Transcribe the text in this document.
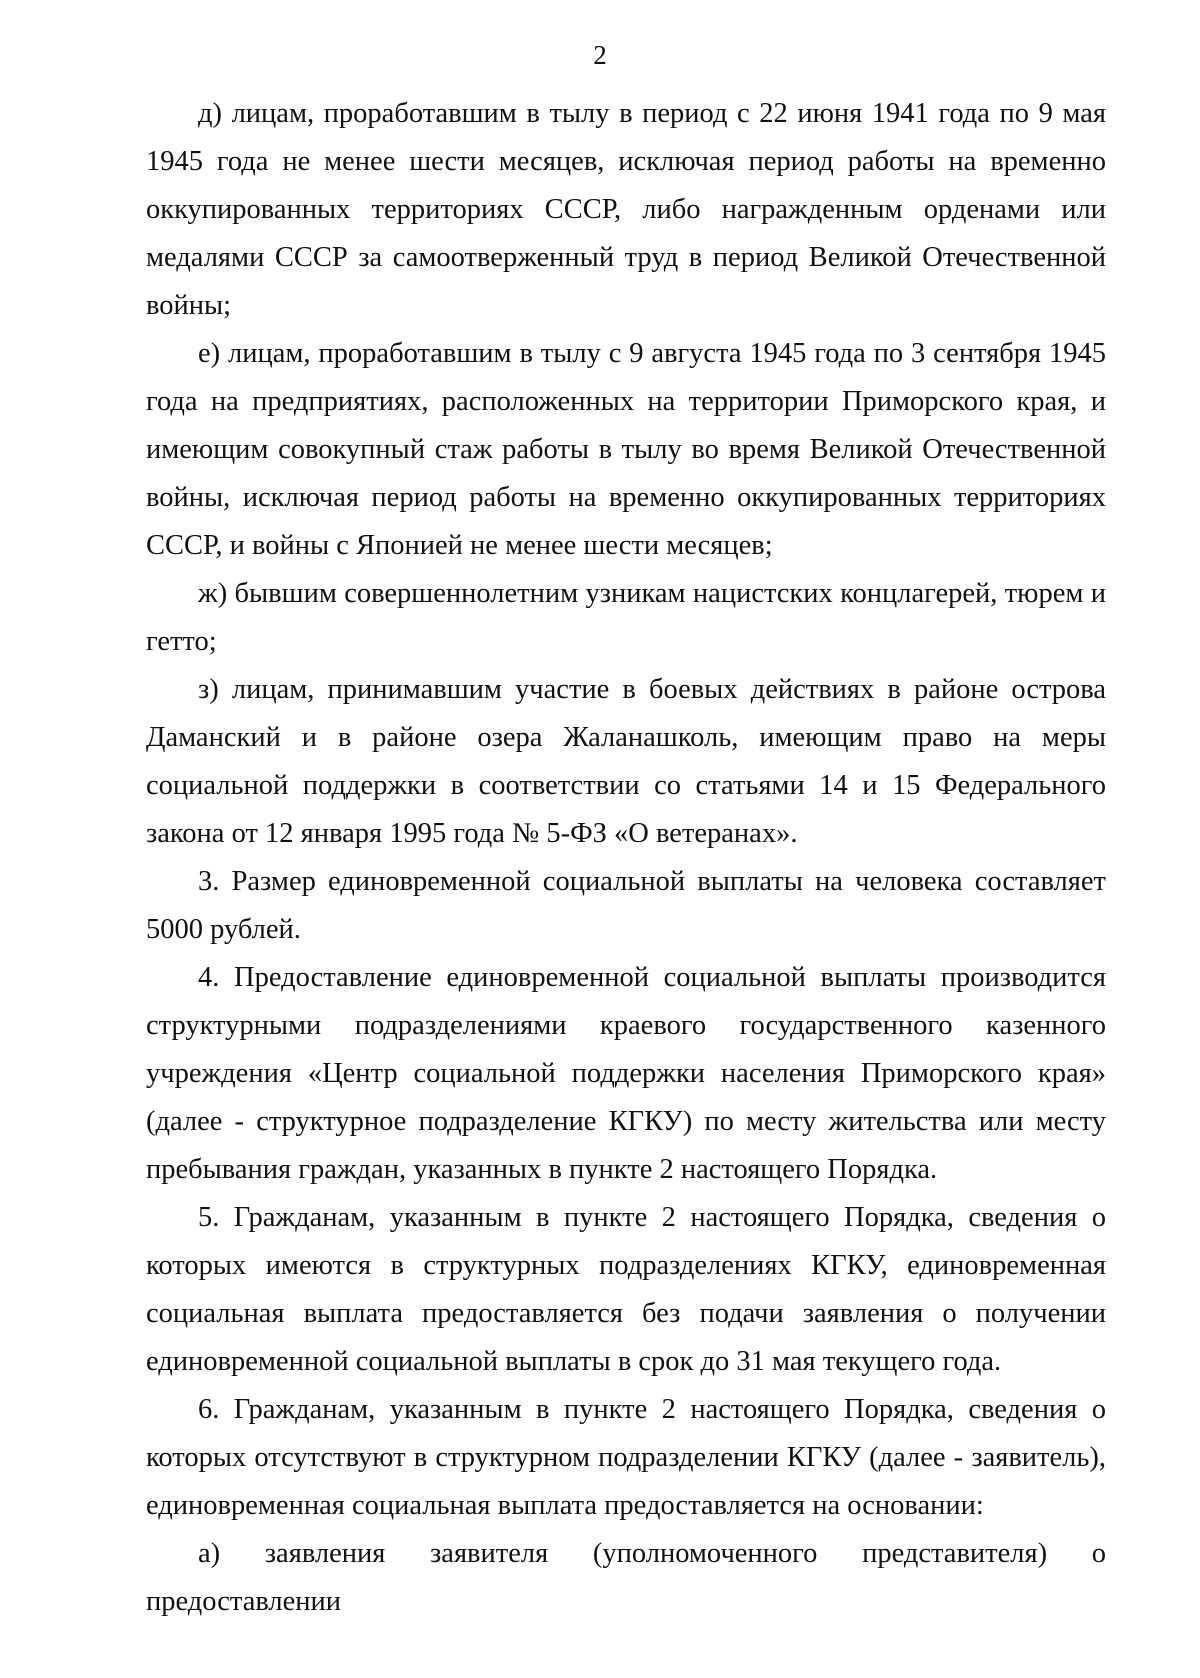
2

д) лицам, проработавшим в тылу в период с 22 июня 1941 года по 9 мая 1945 года не менее шести месяцев, исключая период работы на временно оккупированных территориях СССР, либо награжденным орденами или медалями СССР за самоотверженный труд в период Великой Отечественной войны;

е) лицам, проработавшим в тылу с 9 августа 1945 года по 3 сентября 1945 года на предприятиях, расположенных на территории Приморского края, и имеющим совокупный стаж работы в тылу во время Великой Отечественной войны, исключая период работы на временно оккупированных территориях СССР, и войны с Японией не менее шести месяцев;

ж) бывшим совершеннолетним узникам нацистских концлагерей, тюрем и гетто;

з) лицам, принимавшим участие в боевых действиях в районе острова Даманский и в районе озера Жаланашколь, имеющим право на меры социальной поддержки в соответствии со статьями 14 и 15 Федерального закона от 12 января 1995 года № 5-ФЗ «О ветеранах».

3. Размер единовременной социальной выплаты на человека составляет 5000 рублей.

4. Предоставление единовременной социальной выплаты производится структурными подразделениями краевого государственного казенного учреждения «Центр социальной поддержки населения Приморского края» (далее - структурное подразделение КГКУ) по месту жительства или месту пребывания граждан, указанных в пункте 2 настоящего Порядка.

5. Гражданам, указанным в пункте 2 настоящего Порядка, сведения о которых имеются в структурных подразделениях КГКУ, единовременная социальная выплата предоставляется без подачи заявления о получении единовременной социальной выплаты в срок до 31 мая текущего года.

6. Гражданам, указанным в пункте 2 настоящего Порядка, сведения о которых отсутствуют в структурном подразделении КГКУ (далее - заявитель), единовременная социальная выплата предоставляется на основании:

а) заявления заявителя (уполномоченного представителя) о предоставлении
